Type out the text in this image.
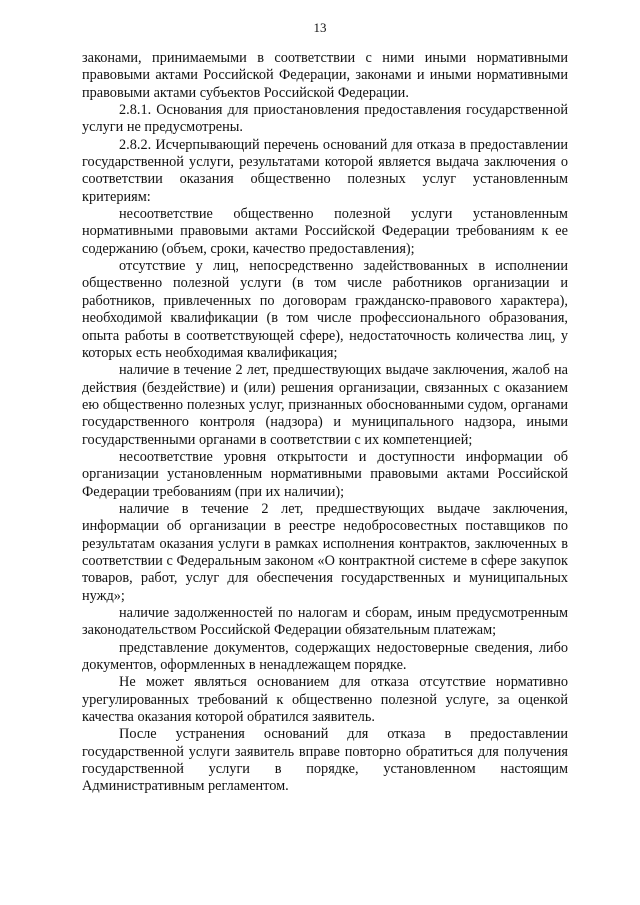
13

законами, принимаемыми в соответствии с ними иными нормативными правовыми актами Российской Федерации, законами и иными нормативными правовыми актами субъектов Российской Федерации.

2.8.1. Основания для приостановления предоставления государственной услуги не предусмотрены.

2.8.2. Исчерпывающий перечень оснований для отказа в предоставлении государственной услуги, результатами которой является выдача заключения о соответствии оказания общественно полезных услуг установленным критериям:

несоответствие общественно полезной услуги установленным нормативными правовыми актами Российской Федерации требованиям к ее содержанию (объем, сроки, качество предоставления);

отсутствие у лиц, непосредственно задействованных в исполнении общественно полезной услуги (в том числе работников организации и работников, привлеченных по договорам гражданско-правового характера), необходимой квалификации (в том числе профессионального образования, опыта работы в соответствующей сфере), недостаточность количества лиц, у которых есть необходимая квалификация;

наличие в течение 2 лет, предшествующих выдаче заключения, жалоб на действия (бездействие) и (или) решения организации, связанных с оказанием ею общественно полезных услуг, признанных обоснованными судом, органами государственного контроля (надзора) и муниципального надзора, иными государственными органами в соответствии с их компетенцией;

несоответствие уровня открытости и доступности информации об организации установленным нормативными правовыми актами Российской Федерации требованиям (при их наличии);

наличие в течение 2 лет, предшествующих выдаче заключения, информации об организации в реестре недобросовестных поставщиков по результатам оказания услуги в рамках исполнения контрактов, заключенных в соответствии с Федеральным законом «О контрактной системе в сфере закупок товаров, работ, услуг для обеспечения государственных и муниципальных нужд»;

наличие задолженностей по налогам и сборам, иным предусмотренным законодательством Российской Федерации обязательным платежам;

представление документов, содержащих недостоверные сведения, либо документов, оформленных в ненадлежащем порядке.

Не может являться основанием для отказа отсутствие нормативно урегулированных требований к общественно полезной услуге, за оценкой качества оказания которой обратился заявитель.

После устранения оснований для отказа в предоставлении государственной услуги заявитель вправе повторно обратиться для получения государственной услуги в порядке, установленном настоящим Административным регламентом.
